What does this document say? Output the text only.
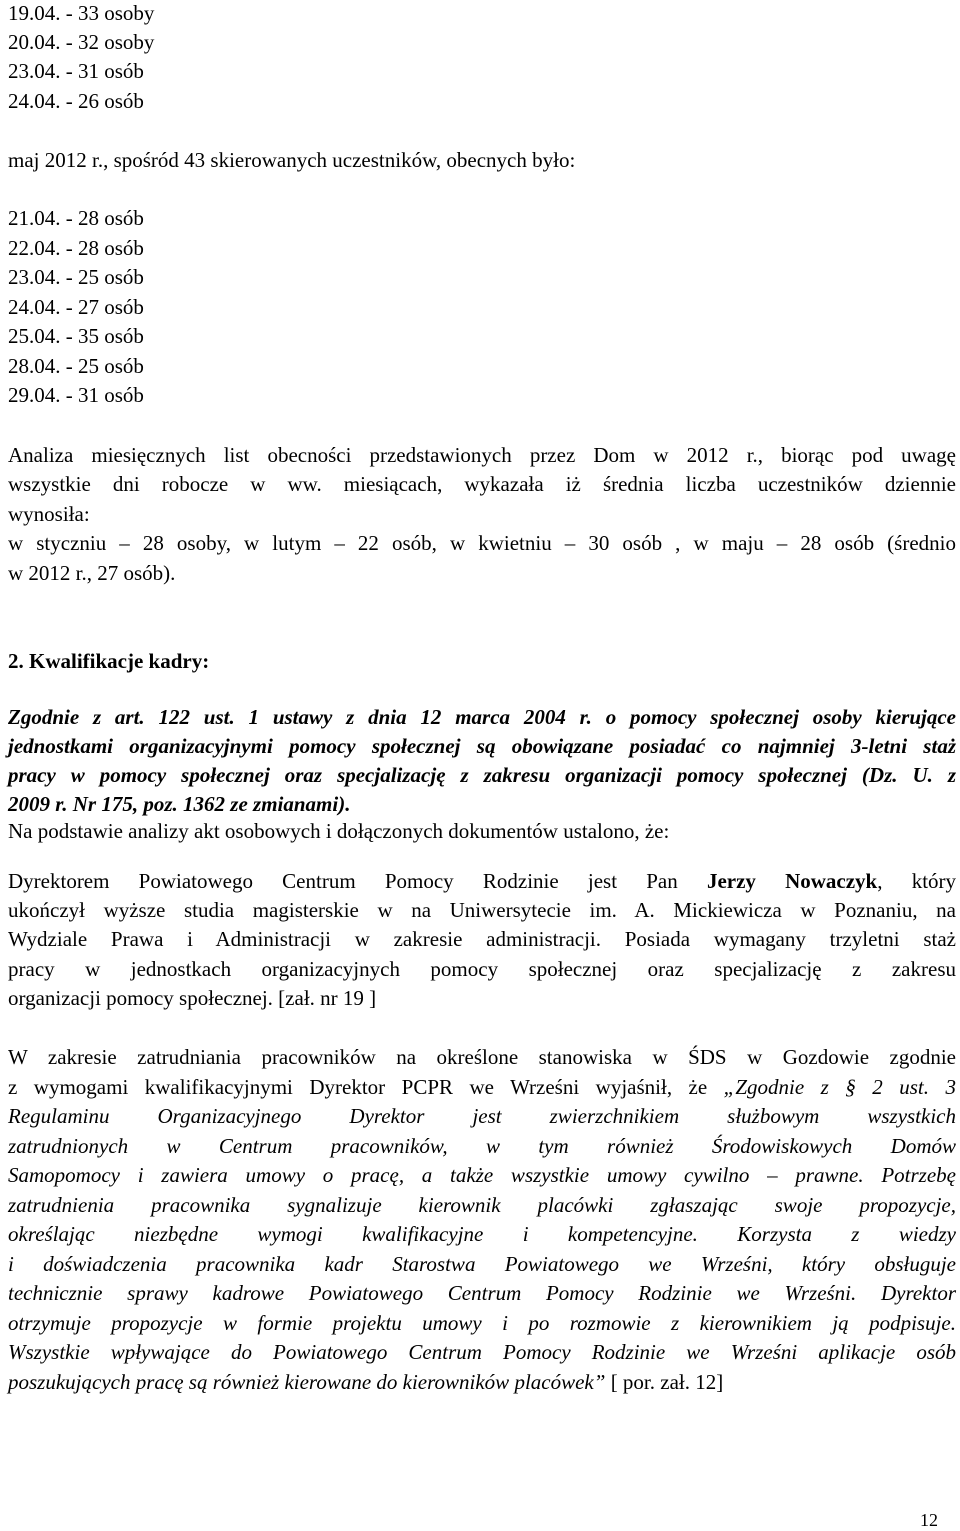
19.04. - 33 osoby
20.04. - 32 osoby
23.04. - 31 osób
24.04. - 26 osób
maj 2012 r., spośród 43 skierowanych uczestników, obecnych było:
21.04. - 28 osób
22.04. - 28 osób
23.04. - 25 osób
24.04. - 27 osób
25.04. - 35 osób
28.04. - 25 osób
29.04. - 31 osób
Analiza miesięcznych list obecności przedstawionych przez Dom w 2012 r., biorąc pod uwagę
wszystkie dni robocze w ww. miesiącach, wykazała iż średnia liczba uczestników dziennie
wynosiła:
w styczniu – 28 osoby, w lutym – 22 osób, w kwietniu – 30 osób , w maju – 28 osób (średnio
w 2012 r., 27 osób).
2. Kwalifikacje kadry:
Zgodnie z art. 122 ust. 1 ustawy z dnia 12 marca 2004 r. o pomocy społecznej osoby kierujące
jednostkami organizacyjnymi pomocy społecznej są obowiązane posiadać co najmniej 3-letni staż
pracy w pomocy społecznej oraz specjalizację z zakresu organizacji pomocy społecznej (Dz. U. z
2009 r. Nr 175, poz. 1362 ze zmianami).
Na podstawie analizy akt osobowych i dołączonych dokumentów ustalono, że:
Dyrektorem Powiatowego Centrum Pomocy Rodzinie jest Pan Jerzy Nowaczyk, który
ukończył wyższe studia magisterskie w na Uniwersytecie im. A. Mickiewicza w Poznaniu, na
Wydziale Prawa i Administracji w zakresie administracji. Posiada wymagany trzyletni staż
pracy w jednostkach organizacyjnych pomocy społecznej oraz specjalizację z zakresu
organizacji pomocy społecznej. [zał. nr 19 ]
W zakresie zatrudniania pracowników na określone stanowiska w ŚDS w Gozdowie zgodnie
z wymogami kwalifikacyjnymi Dyrektor PCPR we Wrześni wyjaśnił, że „Zgodnie z § 2 ust. 3
Regulaminu Organizacyjnego Dyrektor jest zwierzchnikiem służbowym wszystkich
zatrudnionych w Centrum pracowników, w tym również Środowiskowych Domów
Samopomocy i zawiera umowy o pracę, a także wszystkie umowy cywilno – prawne. Potrzebę
zatrudnienia pracownika sygnalizuje kierownik placówki zgłaszając swoje propozycje,
określając niezbędne wymogi kwalifikacyjne i kompetencyjne. Korzysta z wiedzy
i doświadczenia pracownika kadr Starostwa Powiatowego we Wrześni, który obsługuje
technicznie sprawy kadrowe Powiatowego Centrum Pomocy Rodzinie we Wrześni. Dyrektor
otrzymuje propozycje w formie projektu umowy i po rozmowie z kierownikiem ją podpisuje.
Wszystkie wpływające do Powiatowego Centrum Pomocy Rodzinie we Wrześni aplikacje osób
poszukujących pracę są również kierowane do kierowników placówek” [ por. zał. 12]
12
